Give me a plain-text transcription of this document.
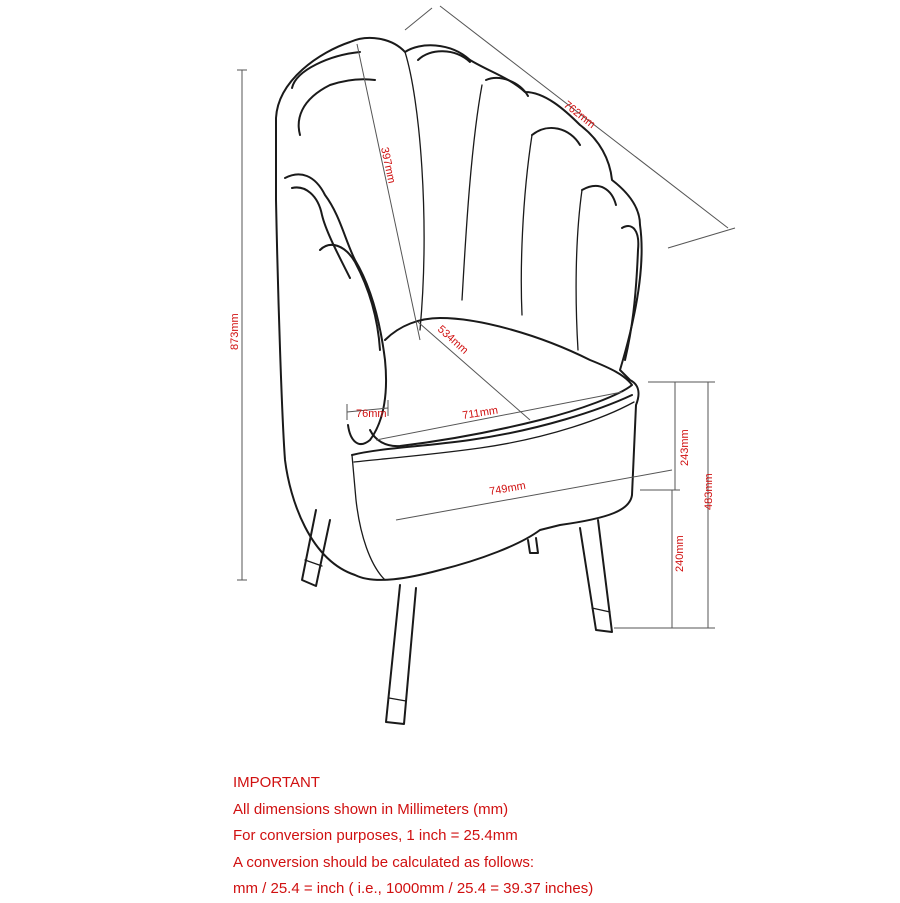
762mm
397mm
873mm	534mm
76mm	711mm
749mm
243mm
240mm
483mm
IMPORTANT
All dimensions shown in Millimeters (mm)
For conversion purposes, 1 inch = 25.4mm
A conversion should be calculated as follows:
mm / 25.4 = inch ( i.e., 1000mm / 25.4 = 39.37 inches)
